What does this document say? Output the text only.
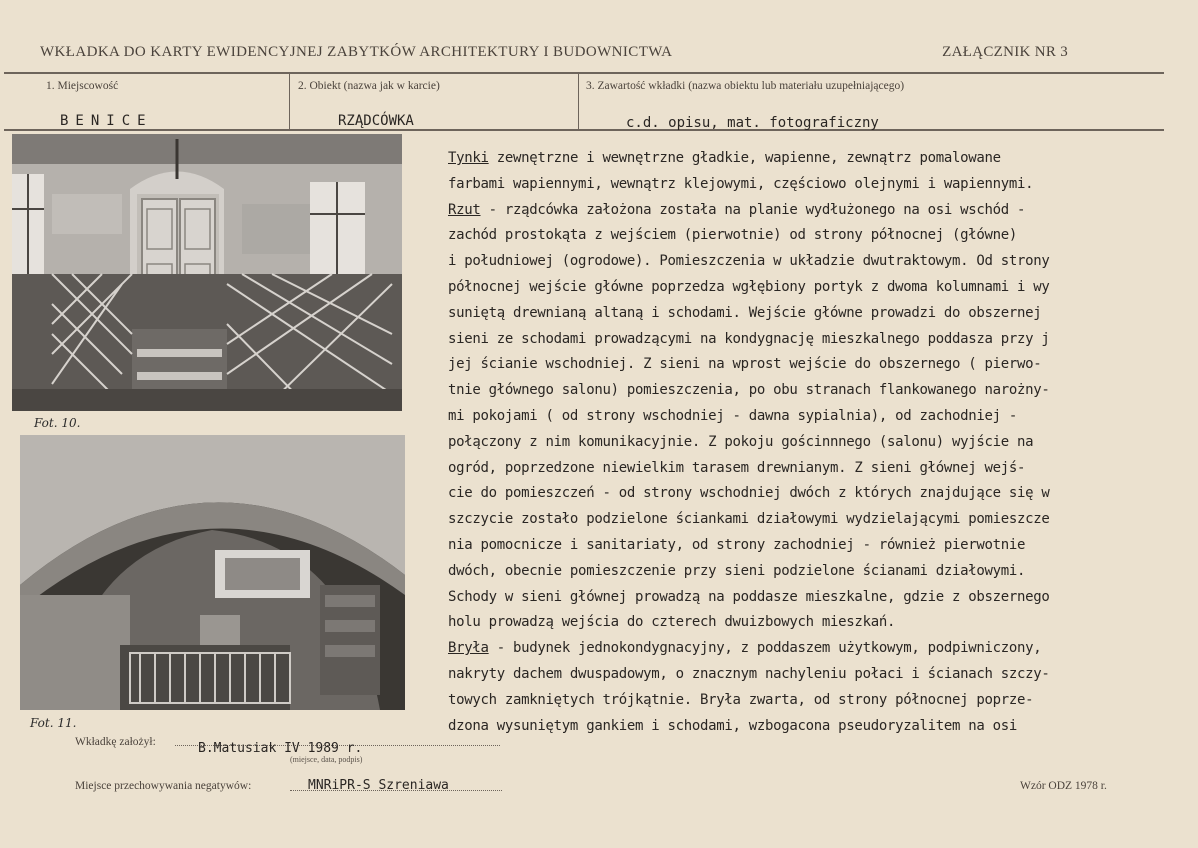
WKŁADKA DO KARTY EWIDENCYJNEJ ZABYTKÓW ARCHITEKTURY I BUDOWNICTWA	ZAŁĄCZNIK NR 3
1. Miejscowość
BENICE
2. Obiekt (nazwa jak w karcie)
RZĄDCÓWKA
3. Zawartość wkładki (nazwa obiektu lub materiału uzupełniającego)
c.d. opisu, mat. fotograficzny
Fot. 10.
Fot. 11.
Tynki zewnętrzne i wewnętrzne gładkie, wapienne, zewnątrz pomalowane
farbami wapiennymi, wewnątrz klejowymi, częściowo olejnymi i wapiennymi.
Rzut - rządcówka założona została na planie wydłużonego na osi wschód -
zachód prostokąta z wejściem (pierwotnie) od strony północnej (główne)
i południowej (ogrodowe). Pomieszczenia w układzie dwutraktowym. Od strony
północnej wejście główne poprzedza wgłębiony portyk z dwoma kolumnami i wy
suniętą drewnianą altaną i schodami. Wejście główne prowadzi do obszernej
sieni ze schodami prowadzącymi na kondygnację mieszkalnego poddasza przy j
jej ścianie wschodniej. Z sieni na wprost wejście do obszernego ( pierwo-
tnie głównego salonu) pomieszczenia, po obu stranach flankowanego narożny-
mi pokojami ( od strony wschodniej - dawna sypialnia), od zachodniej -
połączony z nim komunikacyjnie. Z pokoju gościnnnego (salonu) wyjście na
ogród, poprzedzone niewielkim tarasem drewnianym. Z sieni głównej wejś-
cie do pomieszczeń - od strony wschodniej dwóch z których znajdujące się w
szczycie zostało podzielone ściankami działowymi wydzielającymi pomieszcze
nia pomocnicze i sanitariaty, od strony zachodniej - również pierwotnie
dwóch, obecnie pomieszczenie przy sieni podzielone ścianami działowymi.
Schody w sieni głównej prowadzą na poddasze mieszkalne, gdzie z obszernego
holu prowadzą wejścia do czterech dwuizbowych mieszkań.
Bryła - budynek jednokondygnacyjny, z poddaszem użytkowym, podpiwniczony,
nakryty dachem dwuspadowym, o znacznym nachyleniu połaci i ścianach szczy-
towych zamkniętych trójkątnie. Bryła zwarta, od strony północnej poprze-
dzona wysuniętym gankiem i schodami, wzbogacona pseudoryzalitem na osi
Wkładkę założył:	B.Matusiak IV 1989 r.
(miejsce, data, podpis)
Miejsce przechowywania negatywów:	MNRiPR-S Szreniawa	Wzór ODZ 1978 r.
